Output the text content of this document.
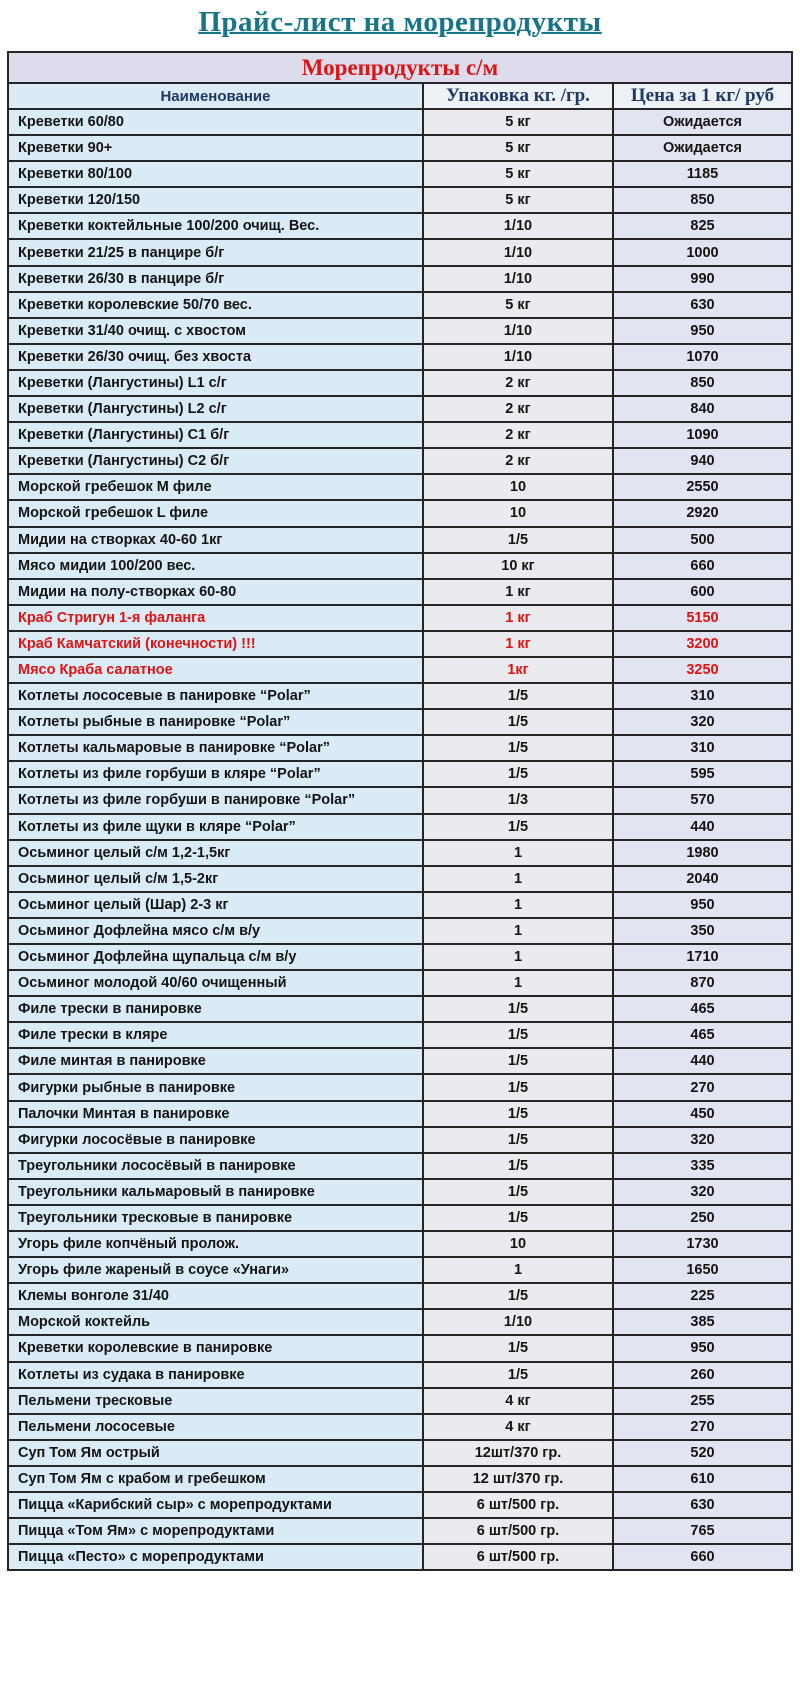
Прайс-лист на морепродукты
Морепродукты с/м		
Наименование	Упаковка кг. /гр.	Цена за 1 кг/ руб
Креветки 60/80	5 кг	Ожидается
Креветки 90+	5 кг	Ожидается
Креветки 80/100	5 кг	1185
Креветки 120/150	5 кг	850
Креветки коктейльные 100/200 очищ. Вес.	1/10	825
Креветки 21/25 в панцире б/г	1/10	1000
Креветки 26/30 в панцире б/г	1/10	990
Креветки королевские 50/70 вес.	5 кг	630
Креветки 31/40 очищ. с хвостом	1/10	950
Креветки 26/30 очищ. без хвоста	1/10	1070
Креветки (Лангустины) L1 с/г	2 кг	850
Креветки (Лангустины) L2 с/г	2 кг	840
Креветки (Лангустины) C1 б/г	2 кг	1090
Креветки (Лангустины) C2 б/г	2 кг	940
Морской гребешок M филе	10	2550
Морской гребешок L филе	10	2920
Мидии на створках 40-60 1кг	1/5	500
Мясо мидии 100/200 вес.	10 кг	660
Мидии на полу-створках 60-80	1 кг	600
Краб Стригун 1-я фаланга	1 кг	5150
Краб Камчатский (конечности) !!!	1 кг	3200
Мясо Краба салатное	1кг	3250
Котлеты лососевые в панировке “Polar”	1/5	310
Котлеты рыбные в панировке “Polar”	1/5	320
Котлеты кальмаровые в панировке “Polar”	1/5	310
Котлеты из филе горбуши в кляре “Polar”	1/5	595
Котлеты из филе горбуши в панировке “Polar”	1/3	570
Котлеты из филе щуки в кляре “Polar”	1/5	440
Осьминог целый с/м 1,2-1,5кг	1	1980
Осьминог целый с/м 1,5-2кг	1	2040
Осьминог целый (Шар) 2-3 кг	1	950
Осьминог Дофлейна мясо с/м в/у	1	350
Осьминог Дофлейна щупальца с/м в/у	1	1710
Осьминог молодой 40/60 очищенный	1	870
Филе трески в панировке	1/5	465
Филе трески в кляре	1/5	465
Филе минтая в панировке	1/5	440
Фигурки рыбные в панировке	1/5	270
Палочки Минтая в панировке	1/5	450
Фигурки лососёвые в панировке	1/5	320
Треугольники лососёвый в панировке	1/5	335
Треугольники кальмаровый в панировке	1/5	320
Треугольники тресковые в панировке	1/5	250
Угорь филе копчёный пролож.	10	1730
Угорь филе жареный в соусе «Унаги»	1	1650
Клемы вонголе 31/40	1/5	225
Морской коктейль	1/10	385
Креветки королевские в панировке	1/5	950
Котлеты из судака в панировке	1/5	260
Пельмени тресковые	4 кг	255
Пельмени лососевые	4 кг	270
Суп Том Ям острый	12шт/370 гр.	520
Суп Том Ям с крабом и гребешком	12 шт/370 гр.	610
Пицца «Карибский сыр» с морепродуктами	6 шт/500 гр.	630
Пицца «Том Ям» с морепродуктами	6 шт/500 гр.	765
Пицца «Песто» с морепродуктами	6 шт/500 гр.	660
